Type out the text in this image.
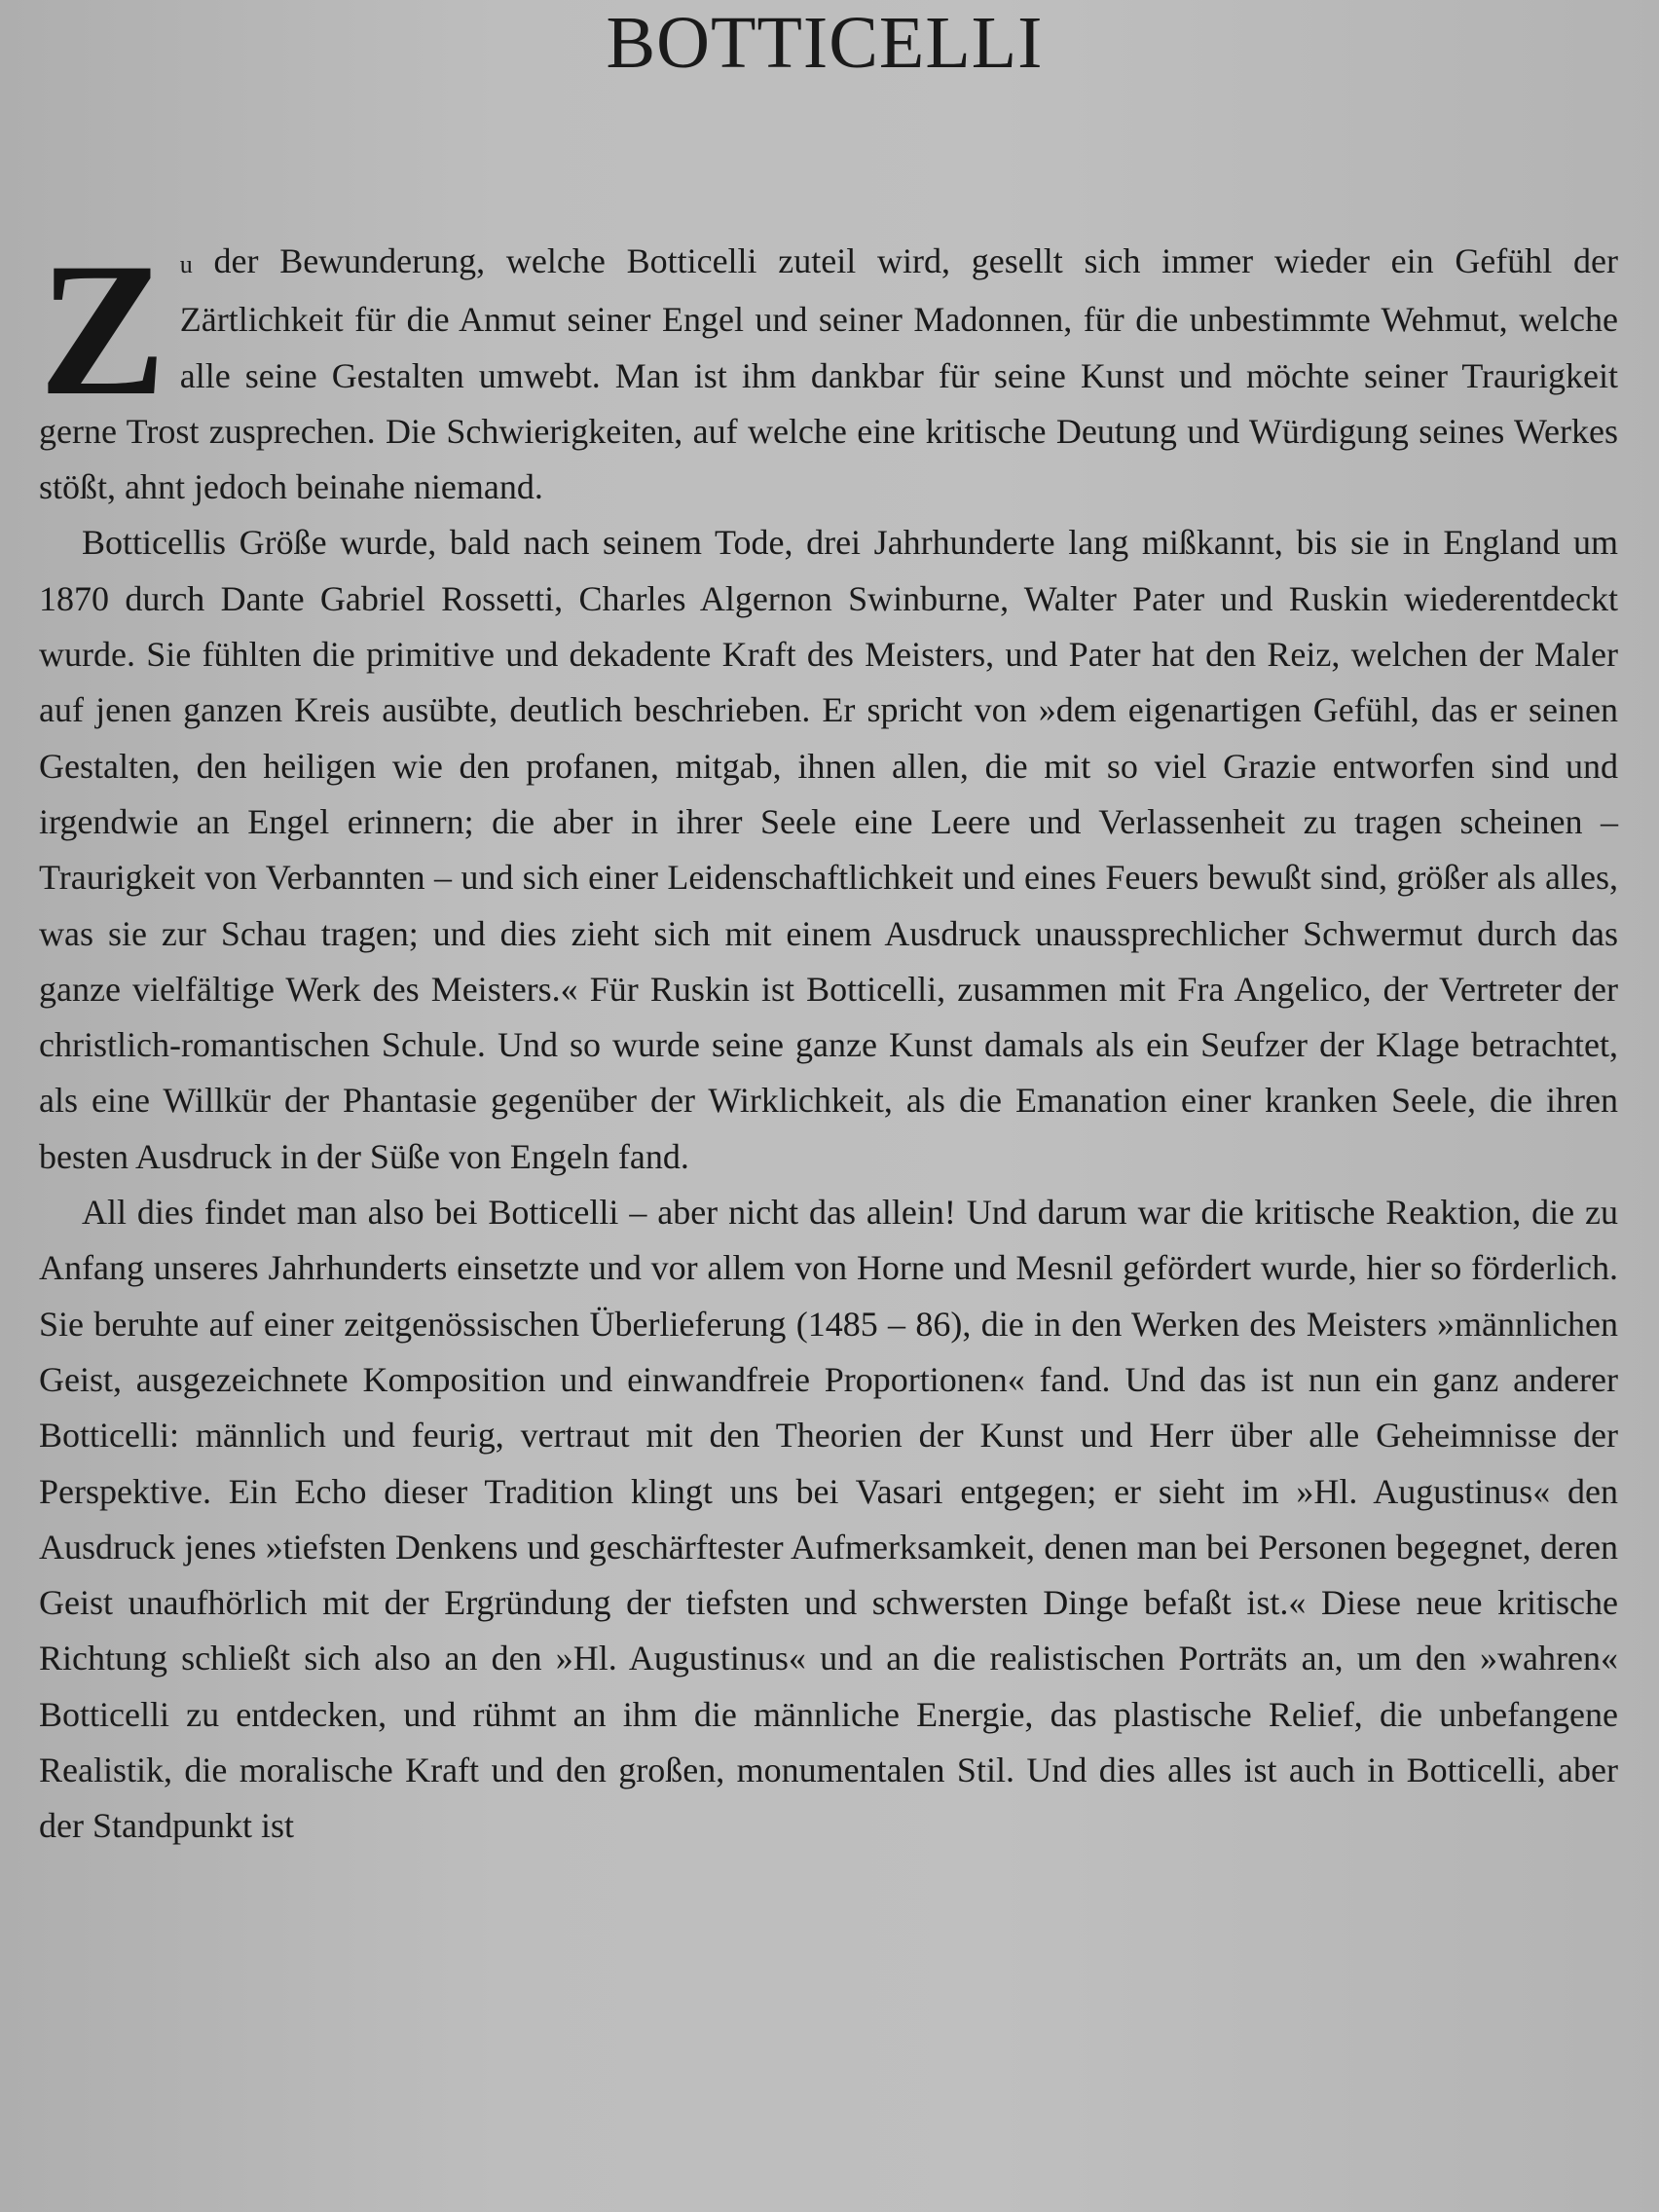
BOTTICELLI

Zu der Bewunderung, welche Botticelli zuteil wird, gesellt sich immer wieder ein Gefühl der Zärtlichkeit für die Anmut seiner Engel und seiner Madonnen, für die unbestimmte Wehmut, welche alle seine Gestalten umwebt. Man ist ihm dankbar für seine Kunst und möchte seiner Traurigkeit gerne Trost zusprechen. Die Schwierigkeiten, auf welche eine kritische Deutung und Würdigung seines Werkes stößt, ahnt jedoch beinahe niemand.

Botticellis Größe wurde, bald nach seinem Tode, drei Jahrhunderte lang mißkannt, bis sie in England um 1870 durch Dante Gabriel Rossetti, Charles Algernon Swinburne, Walter Pater und Ruskin wiederentdeckt wurde. Sie fühlten die primitive und dekadente Kraft des Meisters, und Pater hat den Reiz, welchen der Maler auf jenen ganzen Kreis ausübte, deutlich beschrieben. Er spricht von »dem eigenartigen Gefühl, das er seinen Gestalten, den heiligen wie den profanen, mitgab, ihnen allen, die mit so viel Grazie entworfen sind und irgendwie an Engel erinnern; die aber in ihrer Seele eine Leere und Verlassenheit zu tragen scheinen – Traurigkeit von Verbannten – und sich einer Leidenschaftlichkeit und eines Feuers bewußt sind, größer als alles, was sie zur Schau tragen; und dies zieht sich mit einem Ausdruck unaussprechlicher Schwermut durch das ganze vielfältige Werk des Meisters.« Für Ruskin ist Botticelli, zusammen mit Fra Angelico, der Vertreter der christlich-romantischen Schule. Und so wurde seine ganze Kunst damals als ein Seufzer der Klage betrachtet, als eine Willkür der Phantasie gegenüber der Wirklichkeit, als die Emanation einer kranken Seele, die ihren besten Ausdruck in der Süße von Engeln fand.

All dies findet man also bei Botticelli – aber nicht das allein! Und darum war die kritische Reaktion, die zu Anfang unseres Jahrhunderts einsetzte und vor allem von Horne und Mesnil gefördert wurde, hier so förderlich. Sie beruhte auf einer zeitgenössischen Überlieferung (1485 – 86), die in den Werken des Meisters »männlichen Geist, ausgezeichnete Komposition und einwandfreie Proportionen« fand. Und das ist nun ein ganz anderer Botticelli: männlich und feurig, vertraut mit den Theorien der Kunst und Herr über alle Geheimnisse der Perspektive. Ein Echo dieser Tradition klingt uns bei Vasari entgegen; er sieht im »Hl. Augustinus« den Ausdruck jenes »tiefsten Denkens und geschärftester Aufmerksamkeit, denen man bei Personen begegnet, deren Geist unaufhörlich mit der Ergründung der tiefsten und schwersten Dinge befaßt ist.« Diese neue kritische Richtung schließt sich also an den »Hl. Augustinus« und an die realistischen Porträts an, um den »wahren« Botticelli zu entdecken, und rühmt an ihm die männliche Energie, das plastische Relief, die unbefangene Realistik, die moralische Kraft und den großen, monumentalen Stil. Und dies alles ist auch in Botticelli, aber der Standpunkt ist
